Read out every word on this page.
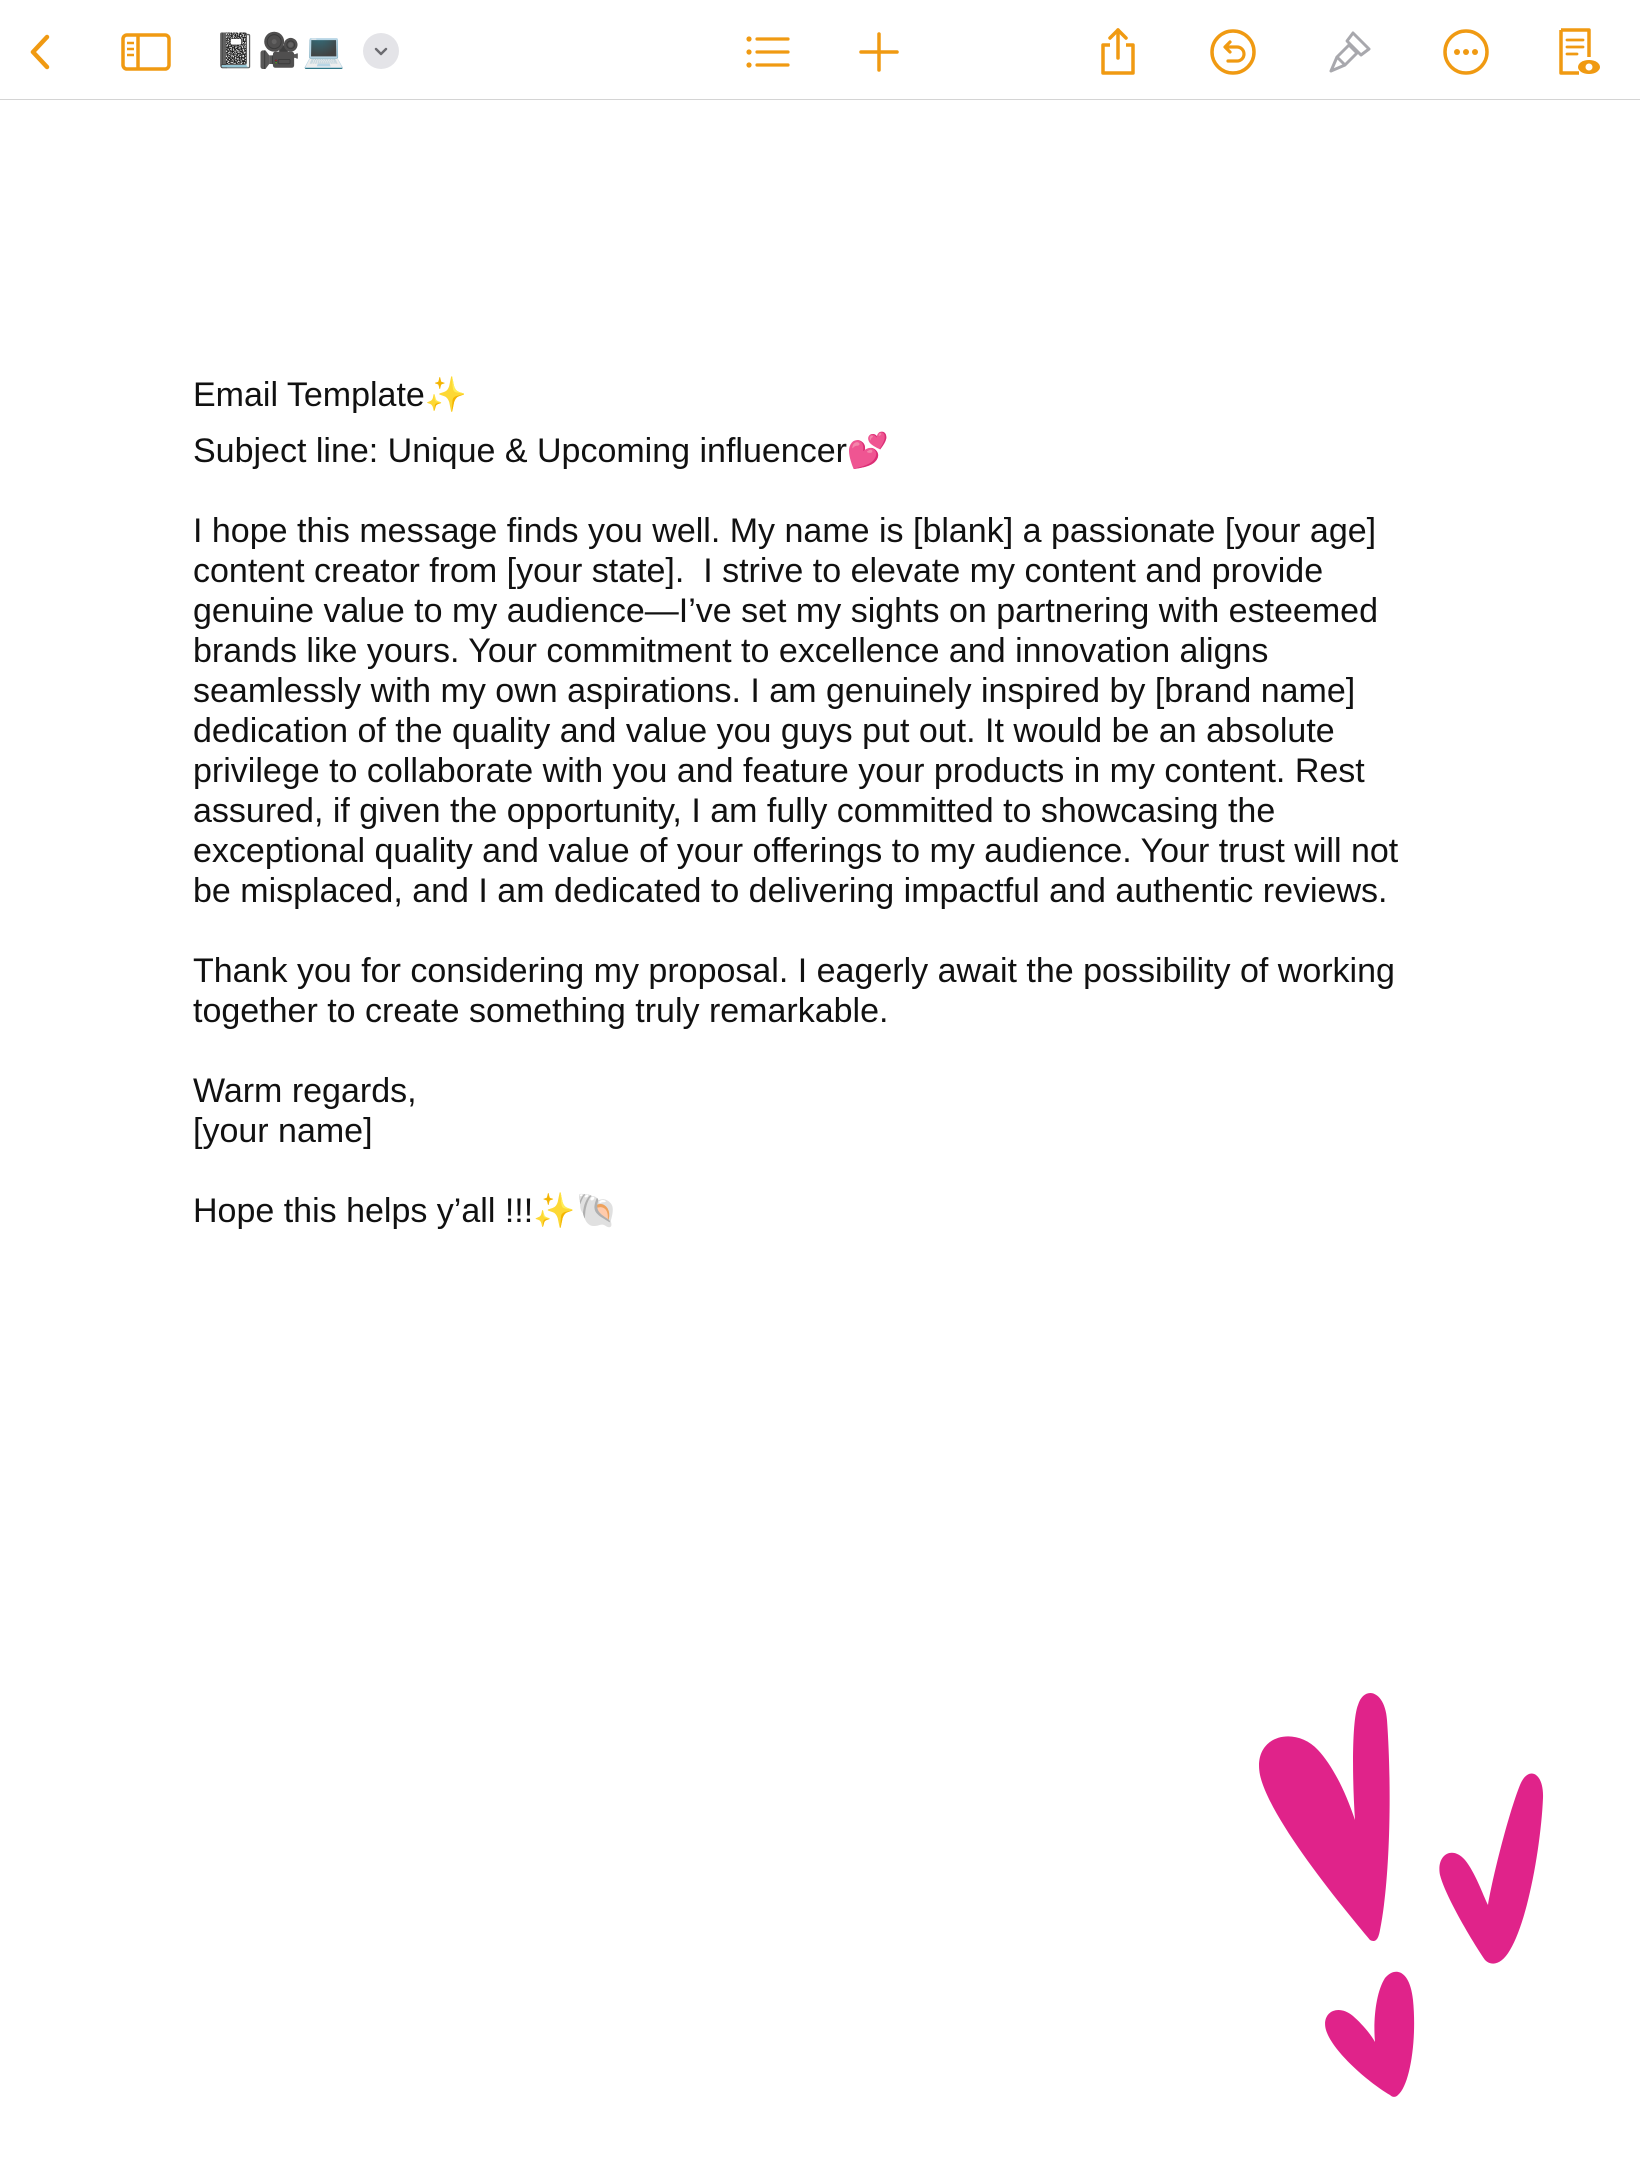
📓 🎥 💻
Email Template✨
Subject line: Unique & Upcoming influencer💕
I hope this message finds you well. My name is [blank] a passionate [your age]
content creator from [your state].  I strive to elevate my content and provide
genuine value to my audience—I’ve set my sights on partnering with esteemed
brands like yours. Your commitment to excellence and innovation aligns
seamlessly with my own aspirations. I am genuinely inspired by [brand name]
dedication of the quality and value you guys put out. It would be an absolute
privilege to collaborate with you and feature your products in my content. Rest
assured, if given the opportunity, I am fully committed to showcasing the
exceptional quality and value of your offerings to my audience. Your trust will not
be misplaced, and I am dedicated to delivering impactful and authentic reviews.
Thank you for considering my proposal. I eagerly await the possibility of working
together to create something truly remarkable.
Warm regards,
[your name]
Hope this helps y’all !!!✨🐚
